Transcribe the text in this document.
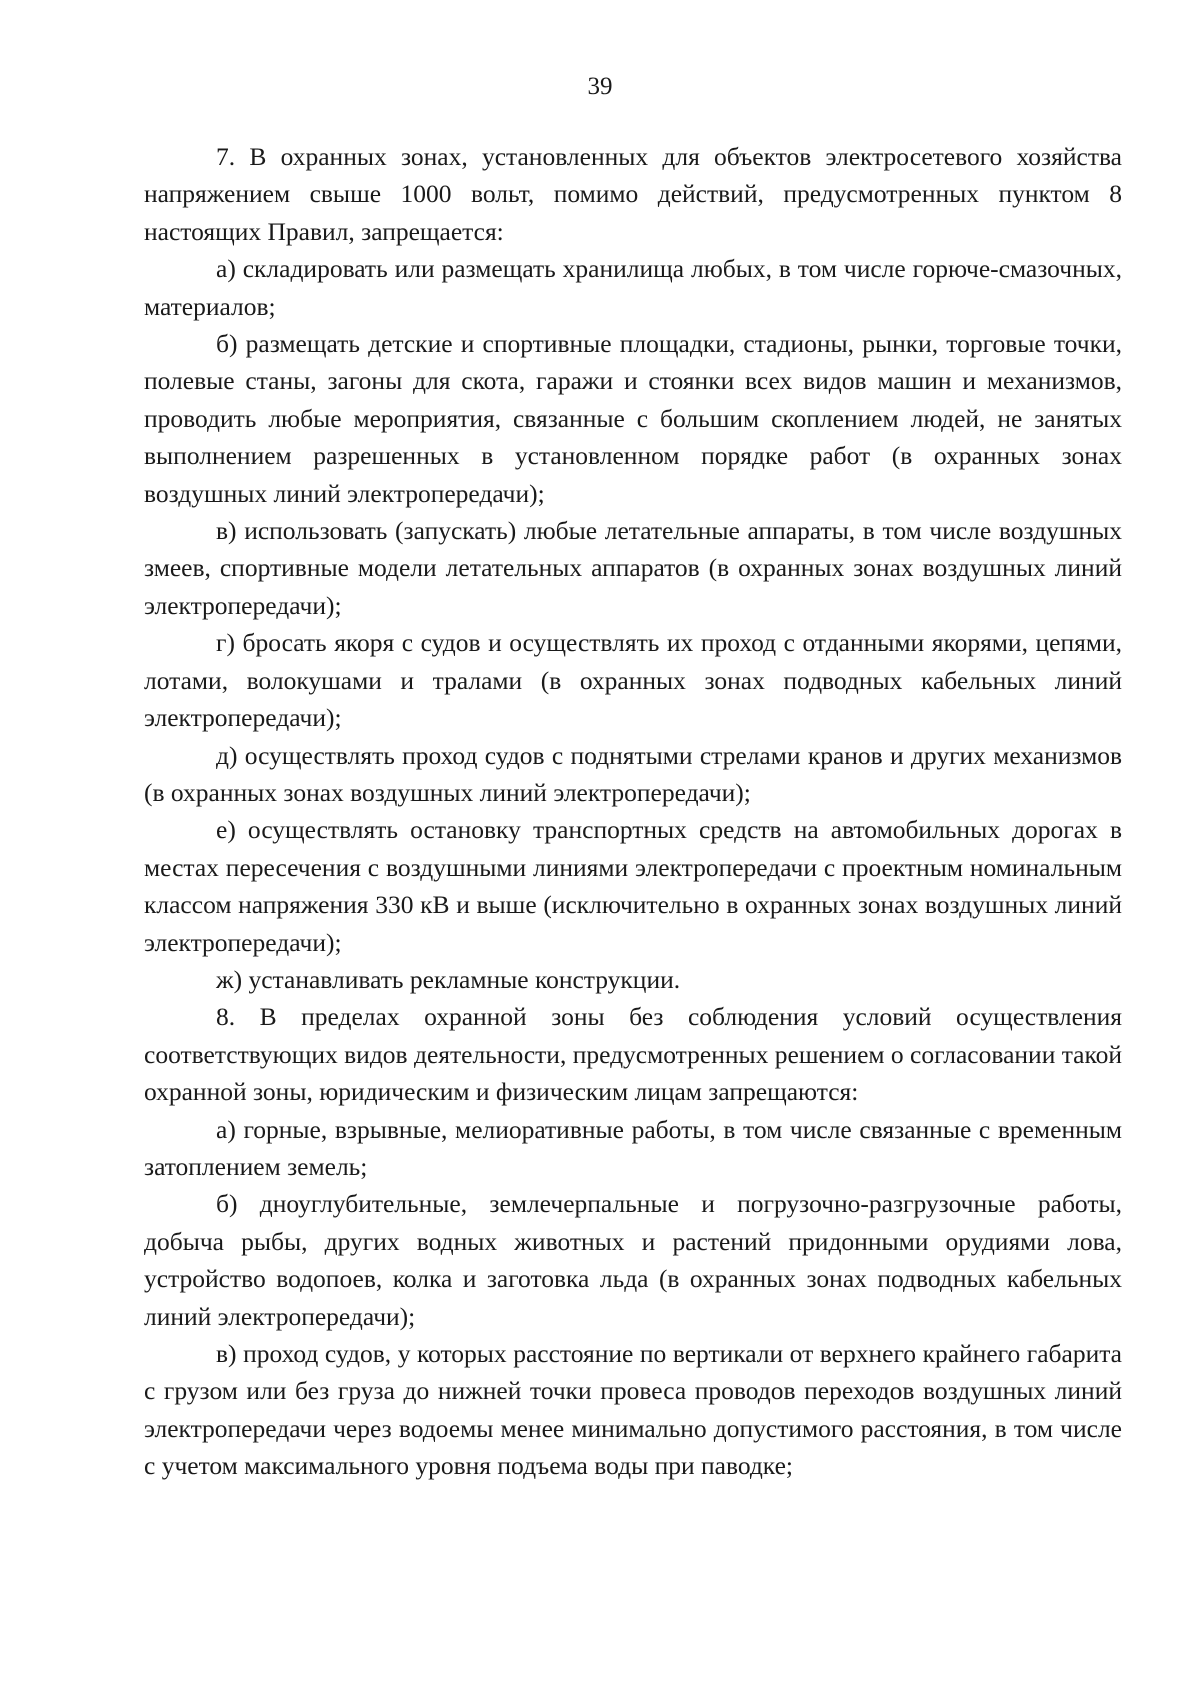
39

7. В охранных зонах, установленных для объектов электросетевого хозяйства напряжением свыше 1000 вольт, помимо действий, предусмотренных пунктом 8 настоящих Правил, запрещается:

а) складировать или размещать хранилища любых, в том числе горюче-смазочных, материалов;

б) размещать детские и спортивные площадки, стадионы, рынки, торговые точки, полевые станы, загоны для скота, гаражи и стоянки всех видов машин и механизмов, проводить любые мероприятия, связанные с большим скоплением людей, не занятых выполнением разрешенных в установленном порядке работ (в охранных зонах воздушных линий электропередачи);

в) использовать (запускать) любые летательные аппараты, в том числе воздушных змеев, спортивные модели летательных аппаратов (в охранных зонах воздушных линий электропередачи);

г) бросать якоря с судов и осуществлять их проход с отданными якорями, цепями, лотами, волокушами и тралами (в охранных зонах подводных кабельных линий электропередачи);

д) осуществлять проход судов с поднятыми стрелами кранов и других механизмов (в охранных зонах воздушных линий электропередачи);

е) осуществлять остановку транспортных средств на автомобильных дорогах в местах пересечения с воздушными линиями электропередачи с проектным номинальным классом напряжения 330 кВ и выше (исключительно в охранных зонах воздушных линий электропередачи);

ж) устанавливать рекламные конструкции.

8. В пределах охранной зоны без соблюдения условий осуществления соответствующих видов деятельности, предусмотренных решением о согласовании такой охранной зоны, юридическим и физическим лицам запрещаются:

а) горные, взрывные, мелиоративные работы, в том числе связанные с временным затоплением земель;

б) дноуглубительные, землечерпальные и погрузочно-разгрузочные работы, добыча рыбы, других водных животных и растений придонными орудиями лова, устройство водопоев, колка и заготовка льда (в охранных зонах подводных кабельных линий электропередачи);

в) проход судов, у которых расстояние по вертикали от верхнего крайнего габарита с грузом или без груза до нижней точки провеса проводов переходов воздушных линий электропередачи через водоемы менее минимально допустимого расстояния, в том числе с учетом максимального уровня подъема воды при паводке;
